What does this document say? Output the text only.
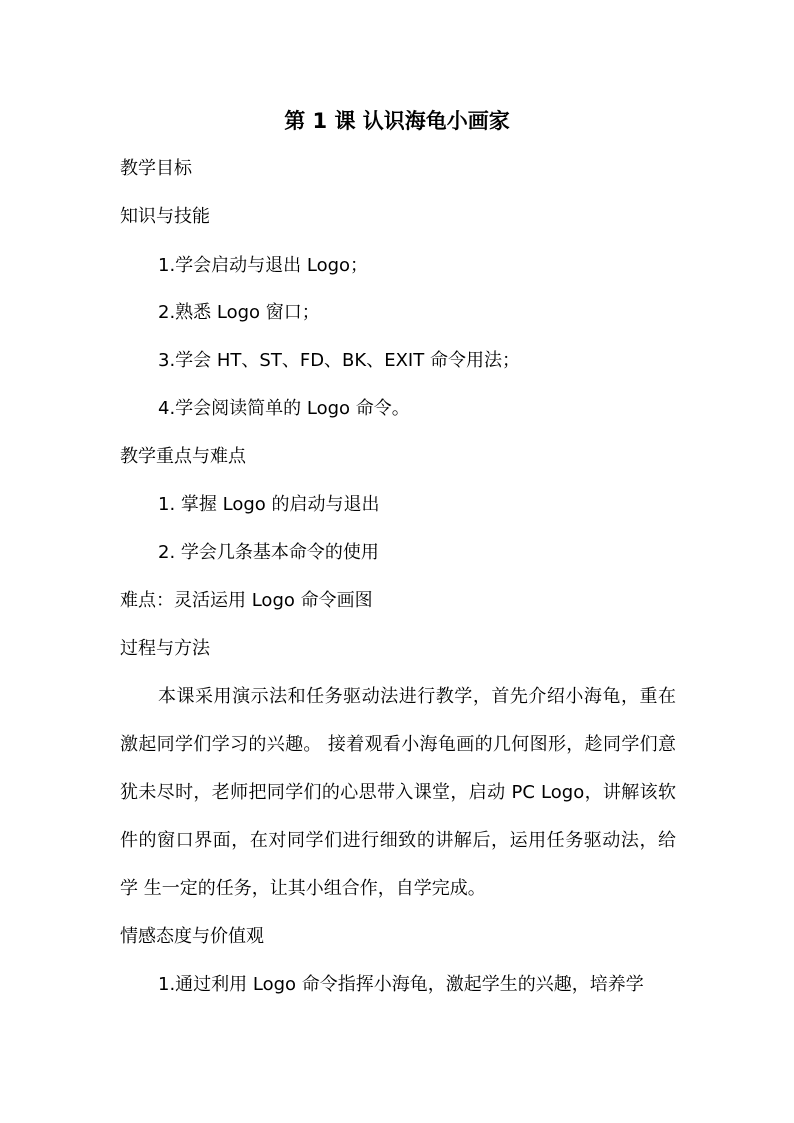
第 1 课 认识海龟小画家
教学目标
知识与技能
1.学会启动与退出 Logo；
2.熟悉 Logo 窗口；
3.学会 HT、ST、FD、BK、EXIT 命令用法；
4.学会阅读简单的 Logo 命令。
教学重点与难点
1. 掌握 Logo 的启动与退出
2. 学会几条基本命令的使用
难点：灵活运用 Logo 命令画图
过程与方法

本课采用演示法和任务驱动法进行教学，首先介绍小海龟，重在激起同学们学习的兴趣。 接着观看小海龟画的几何图形，趁同学们意犹未尽时，老师把同学们的心思带入课堂，启动 PC Logo，讲解该软件的窗口界面，在对同学们进行细致的讲解后，运用任务驱动法，给学 生一定的任务，让其小组合作，自学完成。

情感态度与价值观
1.通过利用 Logo 命令指挥小海龟，激起学生的兴趣，培养学
